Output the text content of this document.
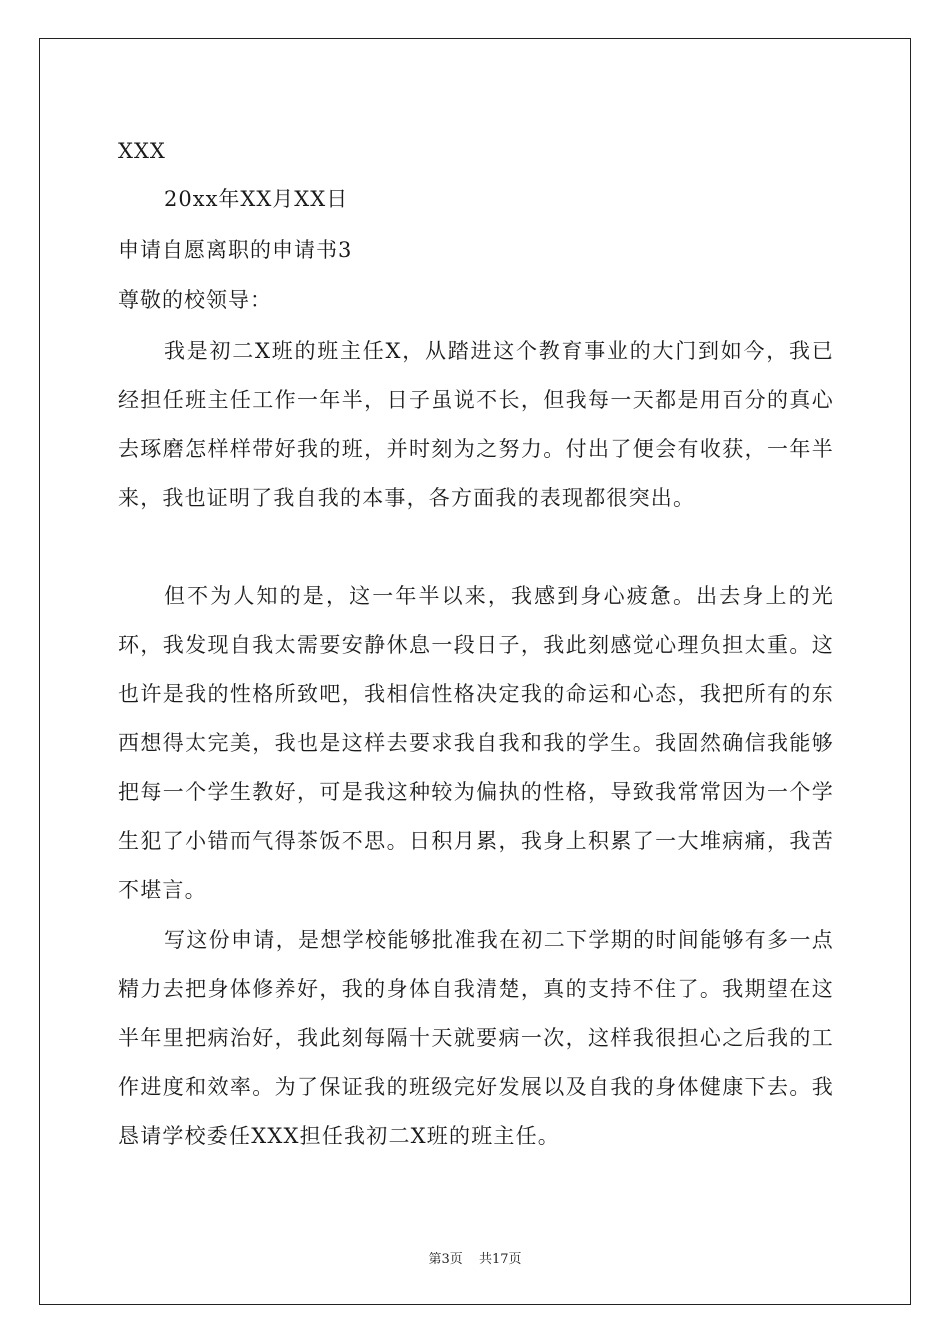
XXX
20xx年XX月XX日
申请自愿离职的申请书3
尊敬的校领导：
我是初二X班的班主任X，从踏进这个教育事业的大门到如今，我已经担任班主任工作一年半，日子虽说不长，但我每一天都是用百分的真心去琢磨怎样样带好我的班，并时刻为之努力。付出了便会有收获，一年半来，我也证明了我自我的本事，各方面我的表现都很突出。
但不为人知的是，这一年半以来，我感到身心疲惫。出去身上的光环，我发现自我太需要安静休息一段日子，我此刻感觉心理负担太重。这也许是我的性格所致吧，我相信性格决定我的命运和心态，我把所有的东西想得太完美，我也是这样去要求我自我和我的学生。我固然确信我能够把每一个学生教好，可是我这种较为偏执的性格，导致我常常因为一个学生犯了小错而气得茶饭不思。日积月累，我身上积累了一大堆病痛，我苦不堪言。
写这份申请，是想学校能够批准我在初二下学期的时间能够有多一点精力去把身体修养好，我的身体自我清楚，真的支持不住了。我期望在这半年里把病治好，我此刻每隔十天就要病一次，这样我很担心之后我的工作进度和效率。为了保证我的班级完好发展以及自我的身体健康下去。我恳请学校委任XXX担任我初二X班的班主任。
第3页 共17页
